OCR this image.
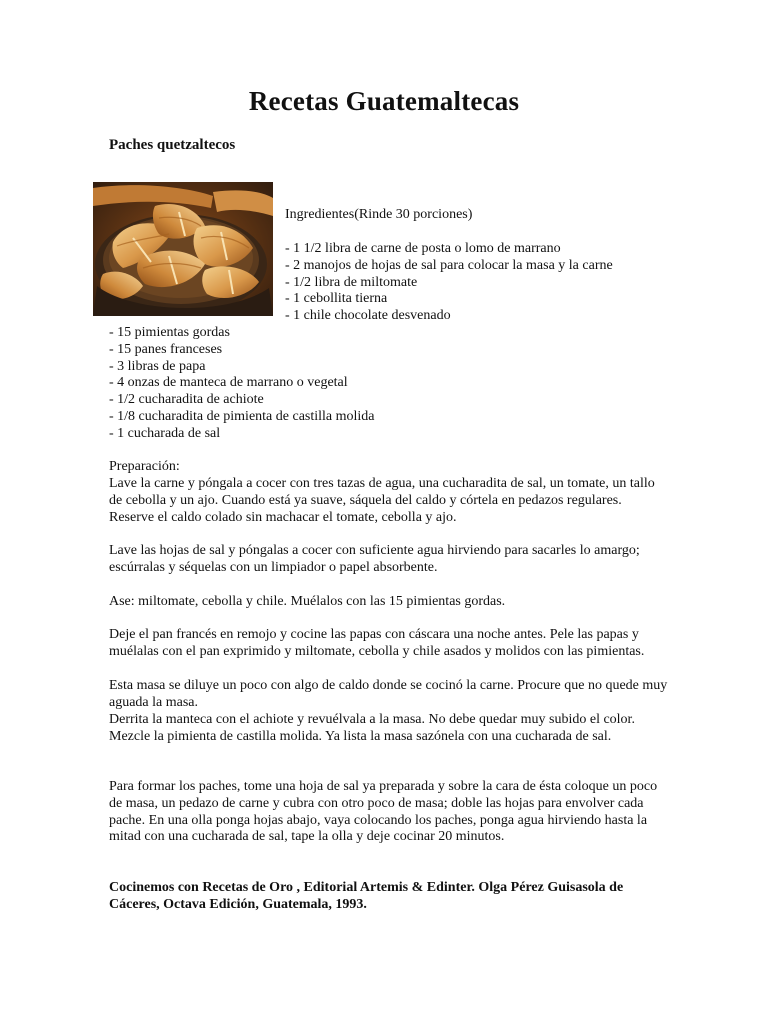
Recetas Guatemaltecas
Paches quetzaltecos

Ingredientes(Rinde 30 porciones)

- 1 1/2 libra de carne de posta o lomo de marrano
- 2 manojos de hojas de sal para colocar la masa y la carne
- 1/2 libra de miltomate
- 1 cebollita tierna
- 1 chile chocolate desvenado
- 15 pimientas gordas
- 15 panes franceses
- 3 libras de papa
- 4 onzas de manteca de marrano o vegetal
- 1/2 cucharadita de achiote
- 1/8 cucharadita de pimienta de castilla molida
- 1 cucharada de sal

Preparación:

Lave la carne y póngala a cocer con tres tazas de agua, una cucharadita de sal, un tomate, un tallo de cebolla y un ajo. Cuando está ya suave, sáquela del caldo y córtela en pedazos regulares. Reserve el caldo colado sin machacar el tomate, cebolla y ajo.

Lave las hojas de sal y póngalas a cocer con suficiente agua hirviendo para sacarles lo amargo; escúrralas y séquelas con un limpiador o papel absorbente.

Ase: miltomate, cebolla y chile. Muélalos con las 15 pimientas gordas.

Deje el pan francés en remojo y cocine las papas con cáscara una noche antes. Pele las papas y muélalas con el pan exprimido y miltomate, cebolla y chile asados y molidos con las pimientas.

Esta masa se diluye un poco con algo de caldo donde se cocinó la carne. Procure que no quede muy aguada la masa.

Derrita la manteca con el achiote y revuélvala a la masa. No debe quedar muy subido el color. Mezcle la pimienta de castilla molida. Ya lista la masa sazónela con una cucharada de sal.

Para formar los paches, tome una hoja de sal ya preparada y sobre la cara de ésta coloque un poco de masa, un pedazo de carne y cubra con otro poco de masa; doble las hojas para envolver cada pache. En una olla ponga hojas abajo, vaya colocando los paches, ponga agua hirviendo hasta la mitad con una cucharada de sal, tape la olla y deje cocinar 20 minutos.

Cocinemos con Recetas de Oro , Editorial Artemis & Edinter. Olga Pérez Guisasola de Cáceres, Octava Edición, Guatemala, 1993.
